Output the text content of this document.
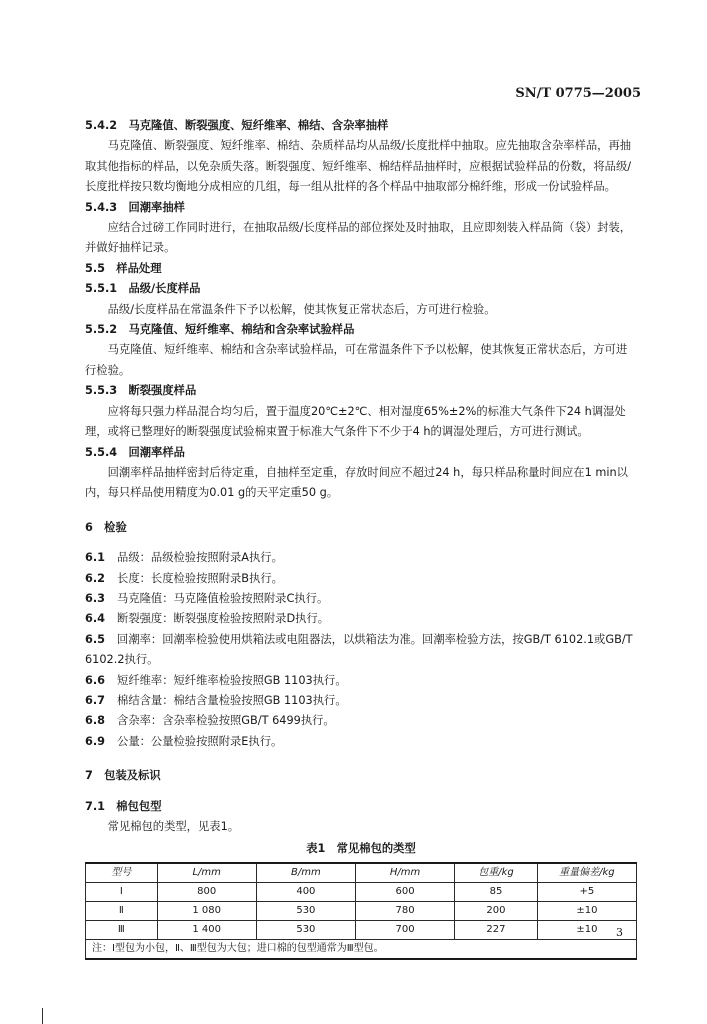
SN/T 0775—2005

5.4.2　马克隆值、断裂强度、短纤维率、棉结、含杂率抽样

马克隆值、断裂强度、短纤维率、棉结、杂质样品均从品级/长度批样中抽取。应先抽取含杂率样品，再抽取其他指标的样品，以免杂质失落。断裂强度、短纤维率、棉结样品抽样时，应根据试验样品的份数，将品级/长度批样按只数均衡地分成相应的几组，每一组从批样的各个样品中抽取部分棉纤维，形成一份试验样品。

5.4.3　回潮率抽样

应结合过磅工作同时进行，在抽取品级/长度样品的部位探处及时抽取，且应即刻装入样品筒（袋）封装，并做好抽样记录。

5.5　样品处理

5.5.1　品级/长度样品

品级/长度样品在常温条件下予以松解，使其恢复正常状态后，方可进行检验。

5.5.2　马克隆值、短纤维率、棉结和含杂率试验样品

马克隆值、短纤维率、棉结和含杂率试验样品，可在常温条件下予以松解，使其恢复正常状态后，方可进行检验。

5.5.3　断裂强度样品

应将每只强力样品混合均匀后，置于温度20℃±2℃、相对湿度65%±2%的标准大气条件下24 h调湿处理，或将已整理好的断裂强度试验棉束置于标准大气条件下不少于4 h的调湿处理后，方可进行测试。

5.5.4　回潮率样品

回潮率样品抽样密封后待定重，自抽样至定重，存放时间应不超过24 h，每只样品称量时间应在1 min以内，每只样品使用精度为0.01 g的天平定重50 g。

6　检验

6.1 品级：品级检验按照附录A执行。

6.2 长度：长度检验按照附录B执行。

6.3 马克隆值：马克隆值检验按照附录C执行。

6.4 断裂强度：断裂强度检验按照附录D执行。

6.5 回潮率：回潮率检验使用烘箱法或电阻器法，以烘箱法为准。回潮率检验方法，按GB/T 6102.1或GB/T 6102.2执行。

6.6 短纤维率：短纤维率检验按照GB 1103执行。

6.7 棉结含量：棉结含量检验按照GB 1103执行。

6.8 含杂率：含杂率检验按照GB/T 6499执行。

6.9 公量：公量检验按照附录E执行。

7　包装及标识

7.1　棉包包型

常见棉包的类型，见表1。

表1　常见棉包的类型
型号	L/mm	B/mm	H/mm	包重/kg	重量偏差/kg
Ⅰ	800	400	600	85	+5
Ⅱ	1 080	530	780	200	±10
Ⅲ	1 400	530	700	227	±10
注：Ⅰ型包为小包，Ⅱ、Ⅲ型包为大包；进口棉的包型通常为Ⅲ型包。					
3
